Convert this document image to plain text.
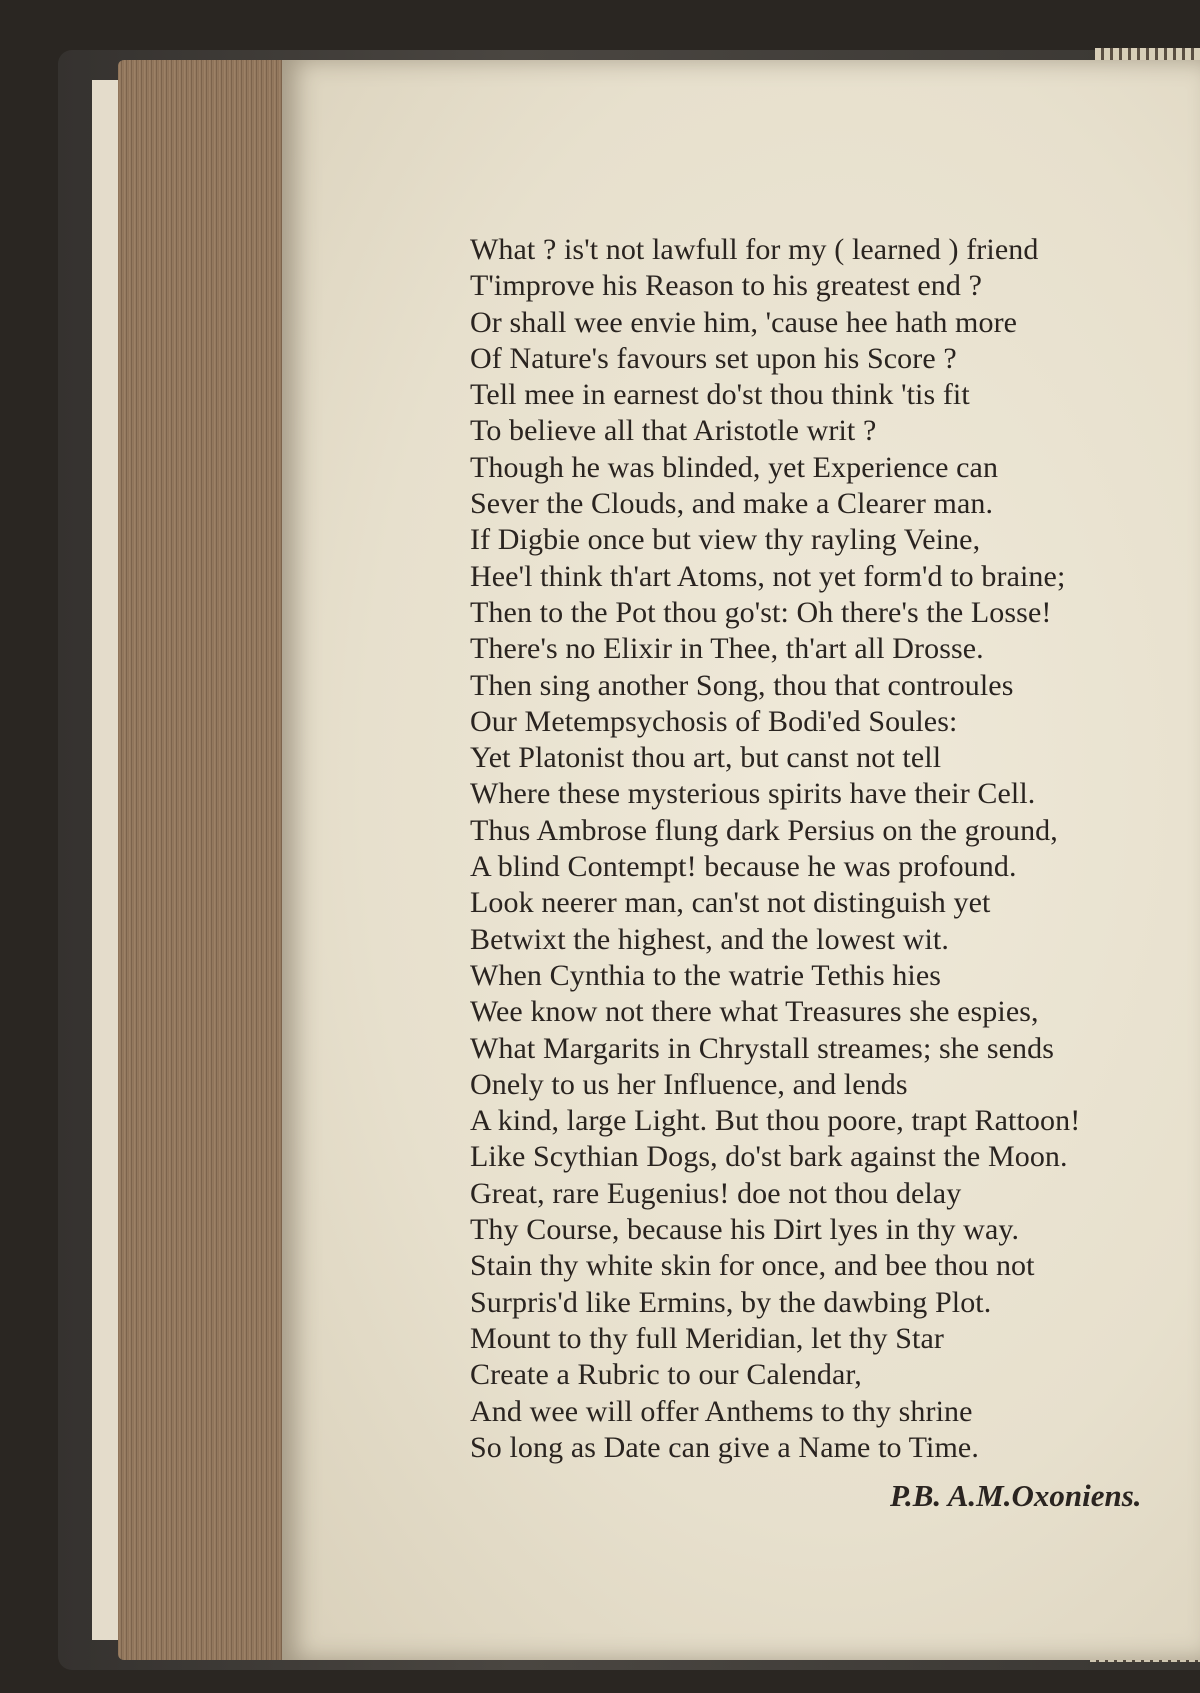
What ? is't not lawfull for my ( learned ) friend
T'improve his Reason to his greatest end ?
Or shall wee envie him, 'cause hee hath more
Of Nature's favours set upon his Score ?
Tell mee in earnest do'st thou think 'tis fit
To believe all that Aristotle writ ?
Though he was blinded, yet Experience can
Sever the Clouds, and make a Clearer man.
If Digbie once but view thy rayling Veine,
Hee'l think th'art Atoms, not yet form'd to braine;
Then to the Pot thou go'st: Oh there's the Losse!
There's no Elixir in Thee, th'art all Drosse.
Then sing another Song, thou that controules
Our Metempsychosis of Bodi'ed Soules:
Yet Platonist thou art, but canst not tell
Where these mysterious spirits have their Cell.
Thus Ambrose flung dark Persius on the ground,
A blind Contempt! because he was profound.
Look neerer man, can'st not distinguish yet
Betwixt the highest, and the lowest wit.
When Cynthia to the watrie Tethis hies
Wee know not there what Treasures she espies,
What Margarits in Chrystall streames; she sends
Onely to us her Influence, and lends
A kind, large Light. But thou poore, trapt Rattoon!
Like Scythian Dogs, do'st bark against the Moon.
Great, rare Eugenius! doe not thou delay
Thy Course, because his Dirt lyes in thy way.
Stain thy white skin for once, and bee thou not
Surpris'd like Ermins, by the dawbing Plot.
Mount to thy full Meridian, let thy Star
Create a Rubric to our Calendar,
And wee will offer Anthems to thy shrine
So long as Date can give a Name to Time.
P.B. A.M.Oxoniens.
